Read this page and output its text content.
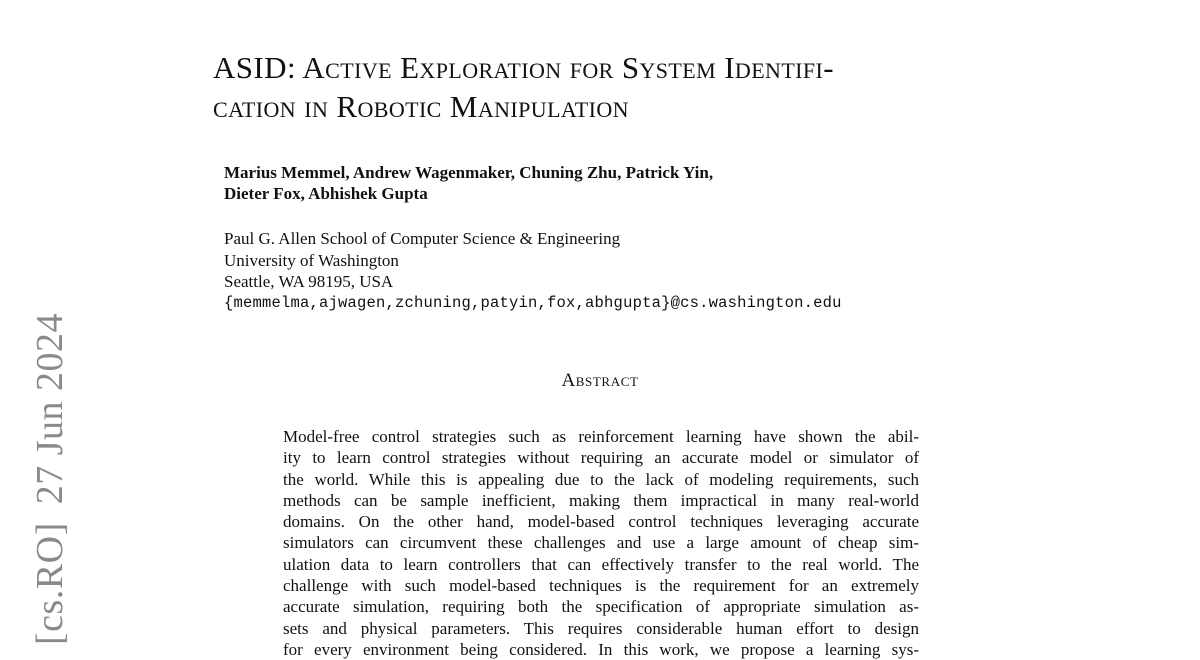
[cs.RO]27 Jun 2024
ASID: Active Exploration for System Identifi-
cation in Robotic Manipulation
Marius Memmel, Andrew Wagenmaker, Chuning Zhu, Patrick Yin,
Dieter Fox, Abhishek Gupta
Paul G. Allen School of Computer Science & Engineering
University of Washington
Seattle, WA 98195, USA
{memmelma,ajwagen,zchuning,patyin,fox,abhgupta}@cs.washington.edu
Abstract
Model-free control strategies such as reinforcement learning have shown the abil-
ity to learn control strategies without requiring an accurate model or simulator of
the world. While this is appealing due to the lack of modeling requirements, such
methods can be sample inefficient, making them impractical in many real-world
domains. On the other hand, model-based control techniques leveraging accurate
simulators can circumvent these challenges and use a large amount of cheap sim-
ulation data to learn controllers that can effectively transfer to the real world. The
challenge with such model-based techniques is the requirement for an extremely
accurate simulation, requiring both the specification of appropriate simulation as-
sets and physical parameters. This requires considerable human effort to design
for every environment being considered. In this work, we propose a learning sys-
